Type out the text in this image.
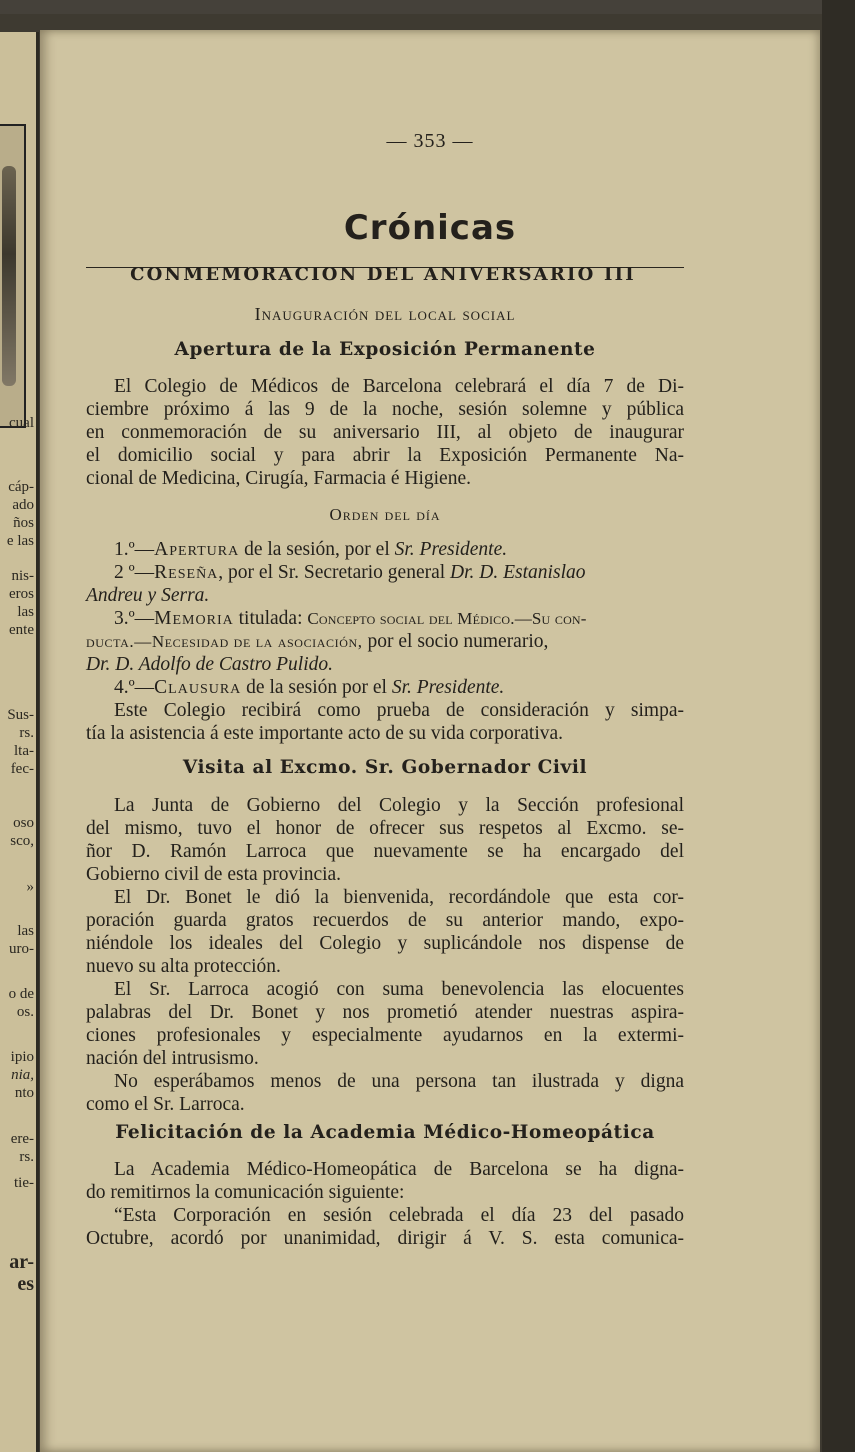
cual
cáp-
ado
ños
e las
nis-
eros
las
ente
Sus-
rs.
lta-
fec-
oso
sco,
»
las
uro-
o de
os.
ipio
nia,
nto
ere-
rs.
tie-
ar-
es
— 353 —
Crónicas
CONMEMORACION DEL ANIVERSARIO III
Inauguración del local social
Apertura de la Exposición Permanente
El Colegio de Médicos de Barcelona celebrará el día 7 de Di-
ciembre próximo á las 9 de la noche, sesión solemne y pública
en conmemoración de su aniversario III, al objeto de inaugurar
el domicilio social y para abrir la Exposición Permanente Na-
cional de Medicina, Cirugía, Farmacia é Higiene.
Orden del día
1.º—Apertura de la sesión, por el Sr. Presidente.
2 º—Reseña, por el Sr. Secretario general Dr. D. Estanislao
Andreu y Serra.
3.º—Memoria titulada: Concepto social del Médico.—Su con-
ducta.—Necesidad de la asociación, por el socio numerario,
Dr. D. Adolfo de Castro Pulido.
4.º—Clausura de la sesión por el Sr. Presidente.
Este Colegio recibirá como prueba de consideración y simpa-
tía la asistencia á este importante acto de su vida corporativa.
Visita al Excmo. Sr. Gobernador Civil
La Junta de Gobierno del Colegio y la Sección profesional
del mismo, tuvo el honor de ofrecer sus respetos al Excmo. se-
ñor D. Ramón Larroca que nuevamente se ha encargado del
Gobierno civil de esta provincia.
El Dr. Bonet le dió la bienvenida, recordándole que esta cor-
poración guarda gratos recuerdos de su anterior mando, expo-
niéndole los ideales del Colegio y suplicándole nos dispense de
nuevo su alta protección.
El Sr. Larroca acogió con suma benevolencia las elocuentes
palabras del Dr. Bonet y nos prometió atender nuestras aspira-
ciones profesionales y especialmente ayudarnos en la extermi-
nación del intrusismo.
No esperábamos menos de una persona tan ilustrada y digna
como el Sr. Larroca.
Felicitación de la Academia Médico-Homeopática
La Academia Médico-Homeopática de Barcelona se ha digna-
do remitirnos la comunicación siguiente:
“Esta Corporación en sesión celebrada el día 23 del pasado
Octubre, acordó por unanimidad, dirigir á V. S. esta comunica-
